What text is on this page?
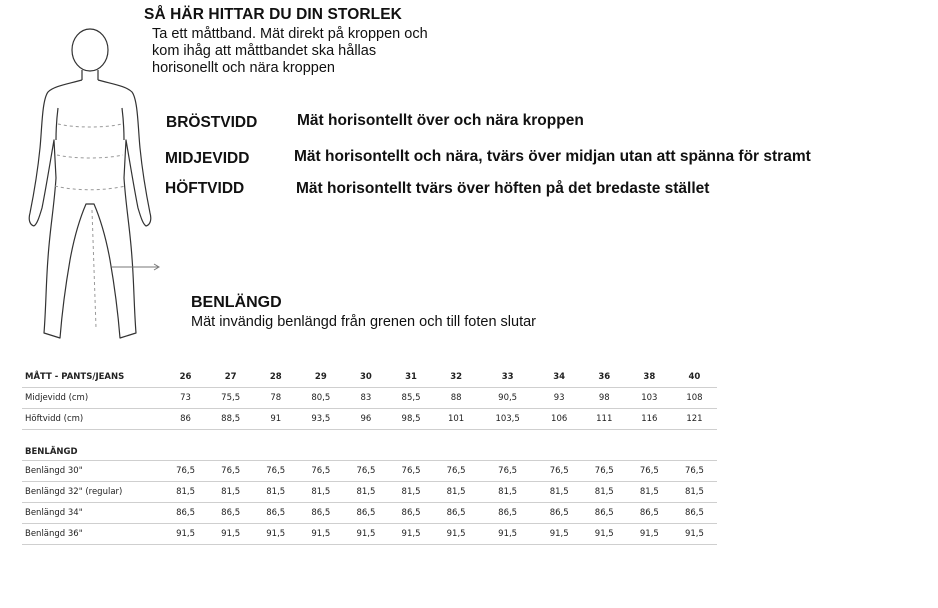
SÅ HÄR HITTAR DU DIN STORLEK
Ta ett måttband. Mät direkt på kroppen och kom ihåg att måttbandet ska hållas horisonellt och nära kroppen
BRÖSTVIDD	Mät horisontellt över och nära kroppen
MIDJEVIDD	Mät horisontellt och nära, tvärs över midjan utan att spänna för stramt
HÖFTVIDD	Mät horisontellt tvärs över höften på det bredaste stället
BENLÄNGD
Mät invändig benlängd från grenen och till foten slutar
MÅTT - PANTS/JEANS	26	27	28	29	30	31	32	33	34	36	38	40
Midjevidd (cm)	73	75,5	78	80,5	83	85,5	88	90,5	93	98	103	108
Höftvidd (cm)	86	88,5	91	93,5	96	98,5	101	103,5	106	111	116	121

BENLÄNGD												
Benlängd 30"	76,5	76,5	76,5	76,5	76,5	76,5	76,5	76,5	76,5	76,5	76,5	76,5
Benlängd 32" (regular)	81,5	81,5	81,5	81,5	81,5	81,5	81,5	81,5	81,5	81,5	81,5	81,5
Benlängd 34"	86,5	86,5	86,5	86,5	86,5	86,5	86,5	86,5	86,5	86,5	86,5	86,5
Benlängd 36"	91,5	91,5	91,5	91,5	91,5	91,5	91,5	91,5	91,5	91,5	91,5	91,5
